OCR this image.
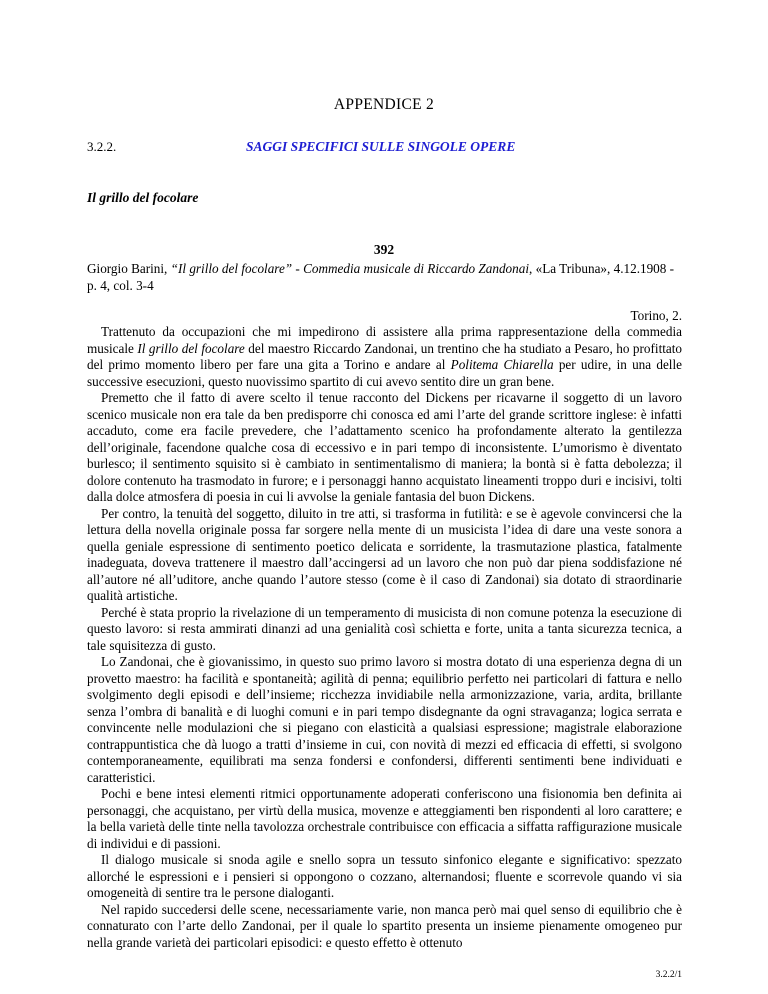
APPENDICE 2
3.2.2.	SAGGI SPECIFICI SULLE SINGOLE OPERE
Il grillo del focolare
392
Giorgio Barini, “Il grillo del focolare” - Commedia musicale di Riccardo Zandonai, «La Tribuna», 4.12.1908 - p. 4, col. 3-4
Torino, 2.

Trattenuto da occupazioni che mi impedirono di assistere alla prima rappresentazione della commedia musicale Il grillo del focolare del maestro Riccardo Zandonai, un trentino che ha studiato a Pesaro, ho profittato del primo momento libero per fare una gita a Torino e andare al Politema Chiarella per udire, in una delle successive esecuzioni, questo nuovissimo spartito di cui avevo sentito dire un gran bene.

Premetto che il fatto di avere scelto il tenue racconto del Dickens per ricavarne il soggetto di un lavoro scenico musicale non era tale da ben predisporre chi conosca ed ami l’arte del grande scrittore inglese: è infatti accaduto, come era facile prevedere, che l’adattamento scenico ha profondamente alterato la gentilezza dell’originale, facendone qualche cosa di eccessivo e in pari tempo di inconsistente. L’umorismo è diventato burlesco; il sentimento squisito si è cambiato in sentimentalismo di maniera; la bontà si è fatta debolezza; il dolore contenuto ha trasmodato in furore; e i personaggi hanno acquistato lineamenti troppo duri e incisivi, tolti dalla dolce atmosfera di poesia in cui li avvolse la geniale fantasia del buon Dickens.

Per contro, la tenuità del soggetto, diluito in tre atti, si trasforma in futilità: e se è agevole convincersi che la lettura della novella originale possa far sorgere nella mente di un musicista l’idea di dare una veste sonora a quella geniale espressione di sentimento poetico delicata e sorridente, la trasmutazione plastica, fatalmente inadeguata, doveva trattenere il maestro dall’accingersi ad un lavoro che non può dar piena soddisfazione né all’autore né all’uditore, anche quando l’autore stesso (come è il caso di Zandonai) sia dotato di straordinarie qualità artistiche.

Perché è stata proprio la rivelazione di un temperamento di musicista di non comune potenza la esecuzione di questo lavoro: si resta ammirati dinanzi ad una genialità così schietta e forte, unita a tanta sicurezza tecnica, a tale squisitezza di gusto.

Lo Zandonai, che è giovanissimo, in questo suo primo lavoro si mostra dotato di una esperienza degna di un provetto maestro: ha facilità e spontaneità; agilità di penna; equilibrio perfetto nei particolari di fattura e nello svolgimento degli episodi e dell’insieme; ricchezza invidiabile nella armonizzazione, varia, ardita, brillante senza l’ombra di banalità e di luoghi comuni e in pari tempo disdegnante da ogni stravaganza; logica serrata e convincente nelle modulazioni che si piegano con elasticità a qualsiasi espressione; magistrale elaborazione contrappuntistica che dà luogo a tratti d’insieme in cui, con novità di mezzi ed efficacia di effetti, si svolgono contemporaneamente, equilibrati ma senza fondersi e confondersi, differenti sentimenti bene individuati e caratteristici.

Pochi e bene intesi elementi ritmici opportunamente adoperati conferiscono una fisionomia ben definita ai personaggi, che acquistano, per virtù della musica, movenze e atteggiamenti ben rispondenti al loro carattere; e la bella varietà delle tinte nella tavolozza orchestrale contribuisce con efficacia a siffatta raffigurazione musicale di individui e di passioni.

Il dialogo musicale si snoda agile e snello sopra un tessuto sinfonico elegante e significativo: spezzato allorché le espressioni e i pensieri si oppongono o cozzano, alternandosi; fluente e scorrevole quando vi sia omogeneità di sentire tra le persone dialoganti.

Nel rapido succedersi delle scene, necessariamente varie, non manca però mai quel senso di equilibrio che è connaturato con l’arte dello Zandonai, per il quale lo spartito presenta un insieme pienamente omogeneo pur nella grande varietà dei particolari episodici: e questo effetto è ottenuto

3.2.2/1
